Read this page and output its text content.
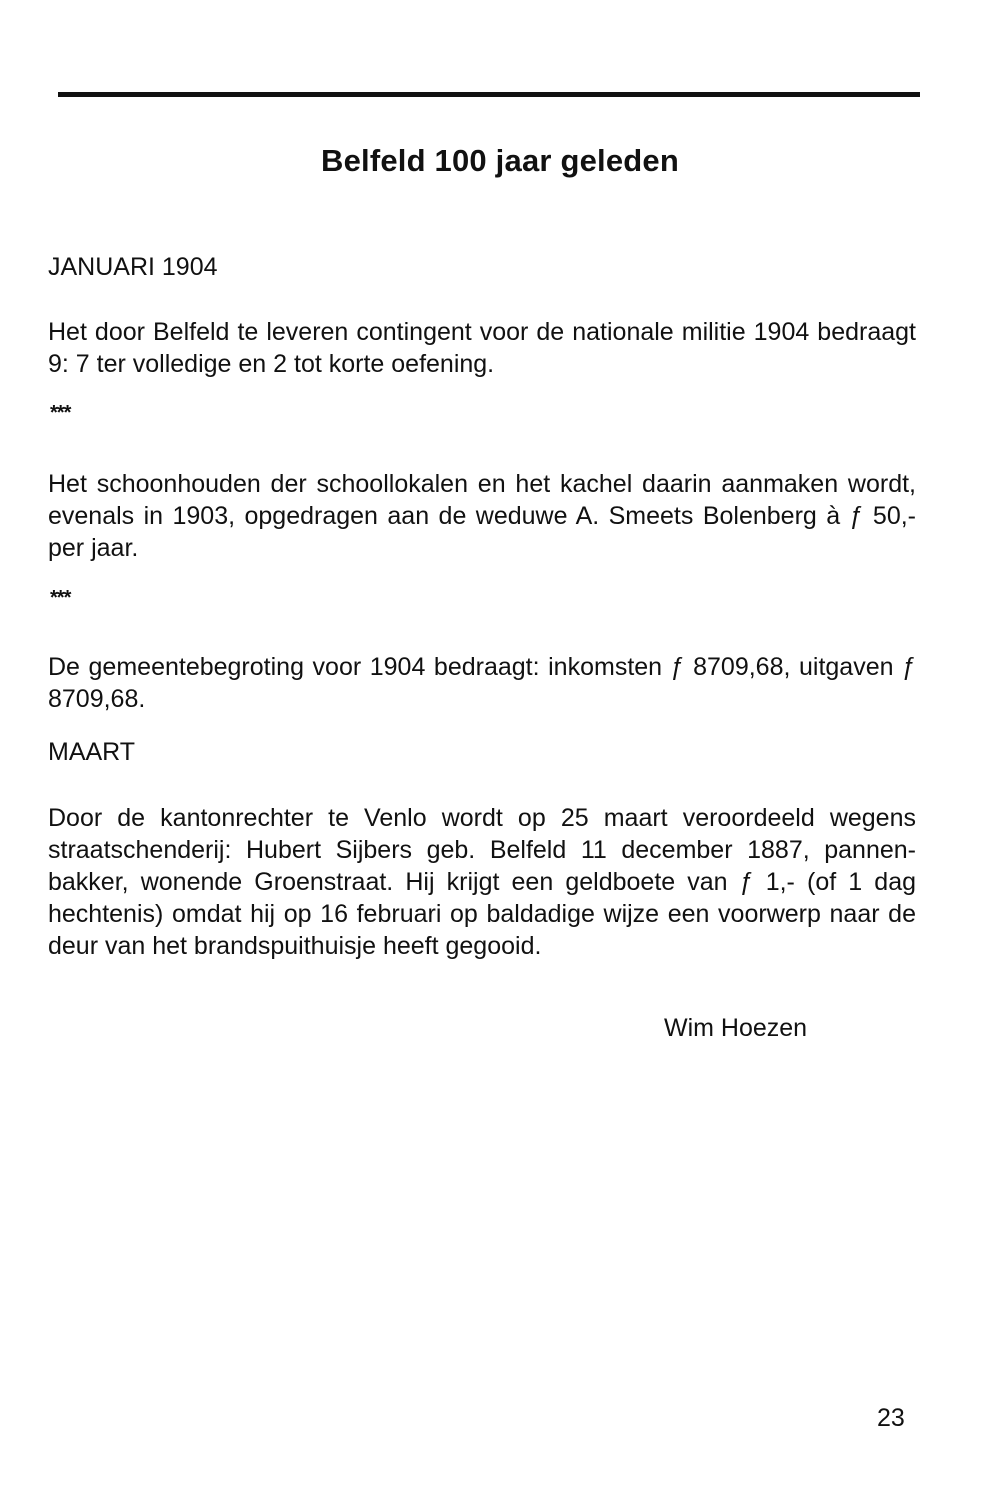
Belfeld 100 jaar geleden
JANUARI 1904
Het door Belfeld te leveren contingent voor de nationale militie 1904 bedraagt 9: 7 ter volledige en 2 tot korte oefening.
***
Het schoonhouden der schoollokalen en het kachel daarin aanmaken wordt, evenals in 1903, opgedragen aan de weduwe A. Smeets Bolenberg à ƒ 50,- per jaar.
***
De gemeentebegroting voor 1904 bedraagt: inkomsten ƒ 8709,68, uitgaven ƒ 8709,68.
MAART
Door de kantonrechter te Venlo wordt op 25 maart veroordeeld wegens straatschenderij: Hubert Sijbers geb. Belfeld 11 december 1887, pannenbakker, wonende Groenstraat. Hij krijgt een geldboete van ƒ 1,- (of 1 dag hechtenis) omdat hij op 16 februari op baldadige wijze een voorwerp naar de deur van het brandspuithuisje heeft gegooid.
Wim Hoezen
23
